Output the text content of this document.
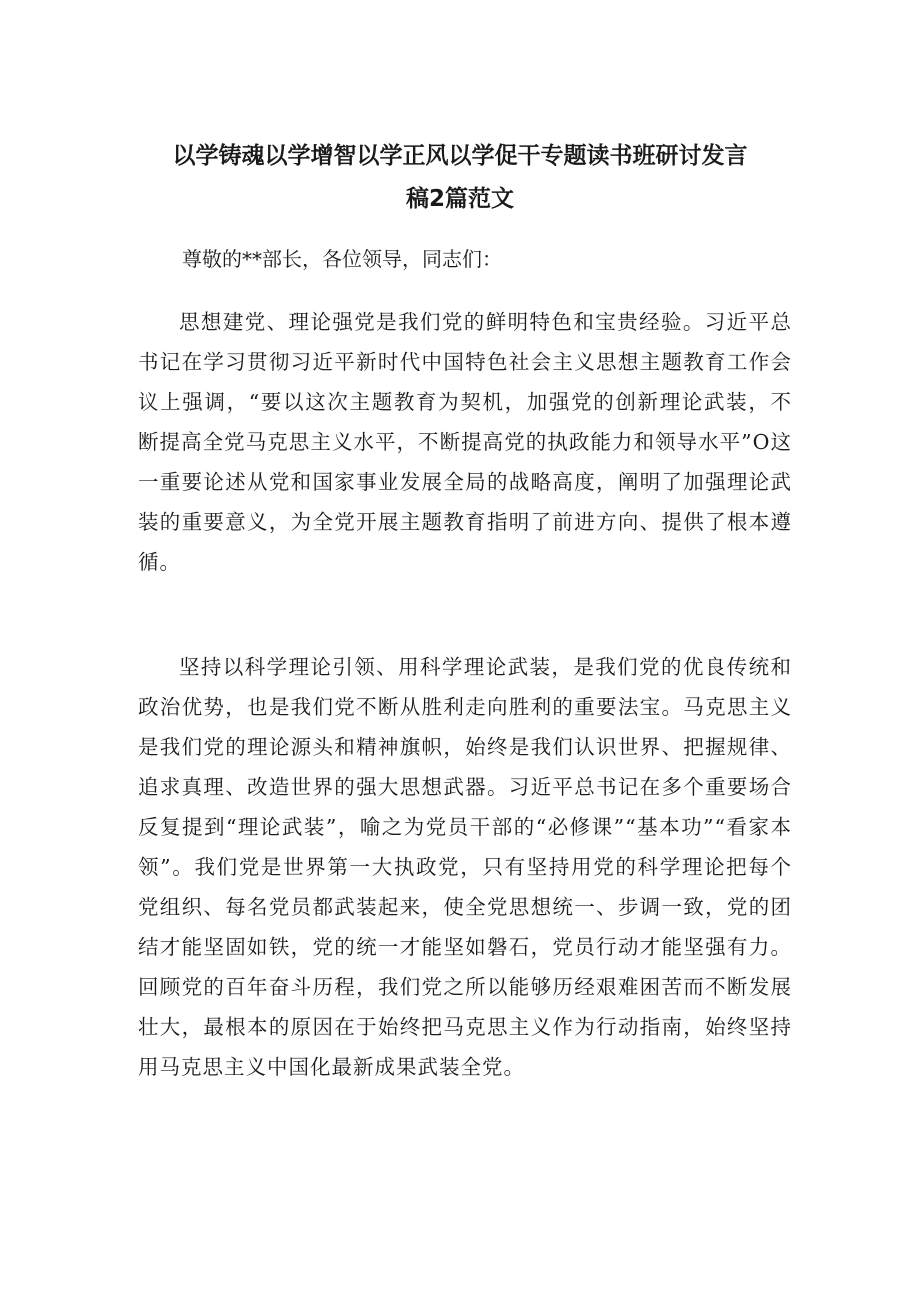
以学铸魂以学增智以学正风以学促干专题读书班研讨发言
稿2篇范文

尊敬的**部长，各位领导，同志们：

思想建党、理论强党是我们党的鲜明特色和宝贵经验。习近平总书记在学习贯彻习近平新时代中国特色社会主义思想主题教育工作会议上强调，“要以这次主题教育为契机，加强党的创新理论武装，不断提高全党马克思主义水平，不断提高党的执政能力和领导水平”O这一重要论述从党和国家事业发展全局的战略高度，阐明了加强理论武装的重要意义，为全党开展主题教育指明了前进方向、提供了根本遵循。

坚持以科学理论引领、用科学理论武装，是我们党的优良传统和政治优势，也是我们党不断从胜利走向胜利的重要法宝。马克思主义是我们党的理论源头和精神旗帜，始终是我们认识世界、把握规律、追求真理、改造世界的强大思想武器。习近平总书记在多个重要场合反复提到“理论武装”，喻之为党员干部的“必修课”“基本功”“看家本领”。我们党是世界第一大执政党，只有坚持用党的科学理论把每个党组织、每名党员都武装起来，使全党思想统一、步调一致，党的团结才能坚固如铁，党的统一才能坚如磐石，党员行动才能坚强有力。回顾党的百年奋斗历程，我们党之所以能够历经艰难困苦而不断发展壮大，最根本的原因在于始终把马克思主义作为行动指南，始终坚持用马克思主义中国化最新成果武装全党。
